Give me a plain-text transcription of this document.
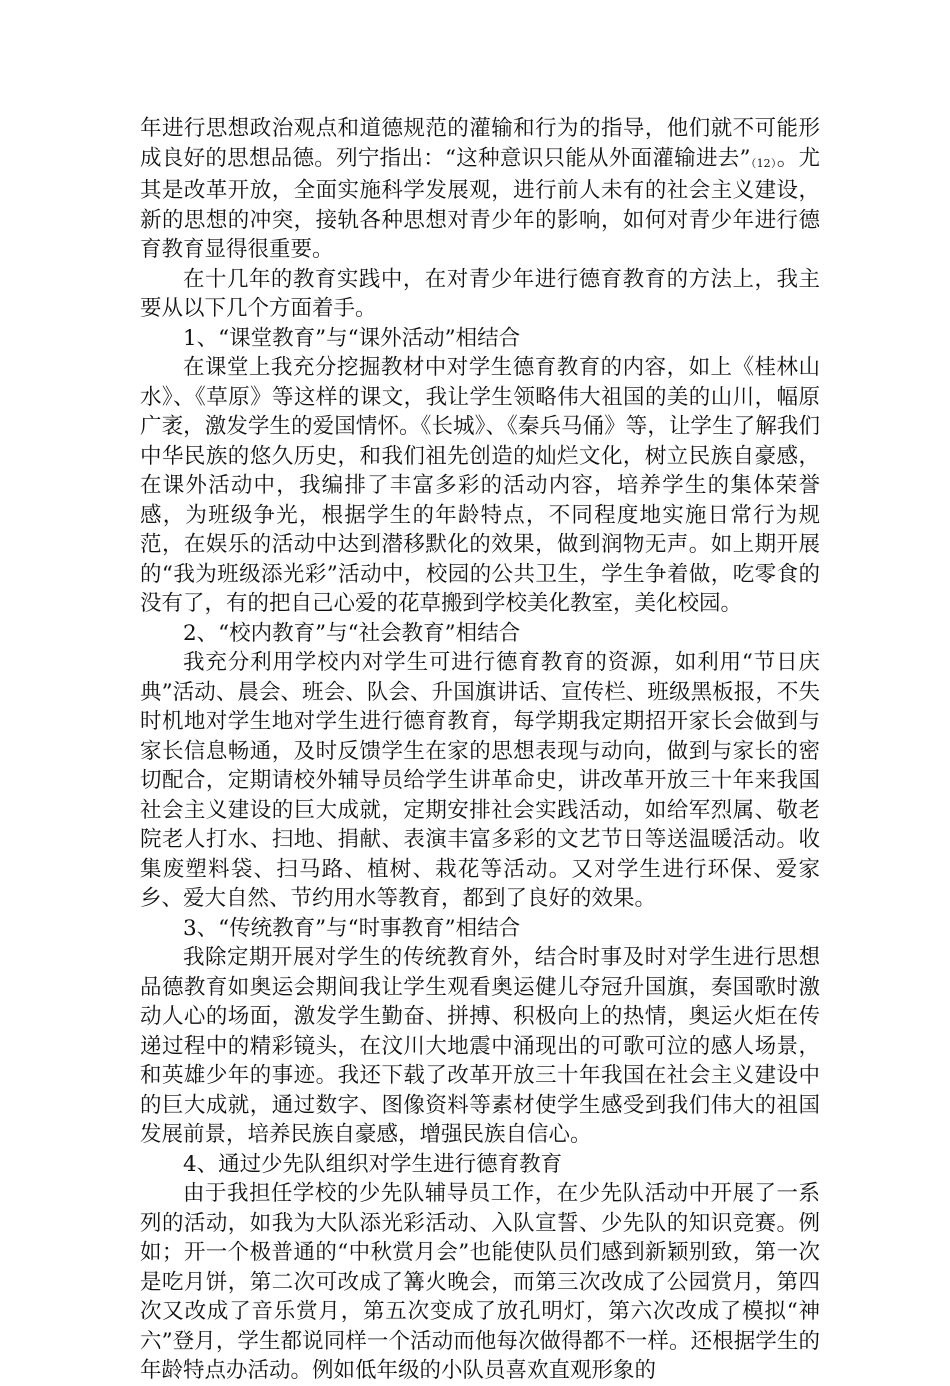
年进行思想政治观点和道德规范的灌输和行为的指导，他们就不可能形成良好的思想品德。列宁指出：“这种意识只能从外面灌输进去”（12）。尤其是改革开放，全面实施科学发展观，进行前人未有的社会主义建设，新的思想的冲突，接轨各种思想对青少年的影响，如何对青少年进行德育教育显得很重要。

在十几年的教育实践中，在对青少年进行德育教育的方法上，我主要从以下几个方面着手。

1、“课堂教育”与“课外活动”相结合

在课堂上我充分挖掘教材中对学生德育教育的内容，如上《桂林山水》、《草原》等这样的课文，我让学生领略伟大祖国的美的山川，幅原广袤，激发学生的爱国情怀。《长城》、《秦兵马俑》等，让学生了解我们中华民族的悠久历史，和我们祖先创造的灿烂文化，树立民族自豪感，在课外活动中，我编排了丰富多彩的活动内容，培养学生的集体荣誉感，为班级争光，根据学生的年龄特点，不同程度地实施日常行为规范，在娱乐的活动中达到潜移默化的效果，做到润物无声。如上期开展的“我为班级添光彩”活动中，校园的公共卫生，学生争着做，吃零食的没有了，有的把自己心爱的花草搬到学校美化教室，美化校园。

2、“校内教育”与“社会教育”相结合

我充分利用学校内对学生可进行德育教育的资源，如利用“节日庆典”活动、晨会、班会、队会、升国旗讲话、宣传栏、班级黑板报，不失时机地对学生地对学生进行德育教育，每学期我定期招开家长会做到与家长信息畅通，及时反馈学生在家的思想表现与动向，做到与家长的密切配合，定期请校外辅导员给学生讲革命史，讲改革开放三十年来我国社会主义建设的巨大成就，定期安排社会实践活动，如给军烈属、敬老院老人打水、扫地、捐献、表演丰富多彩的文艺节日等送温暖活动。收集废塑料袋、扫马路、植树、栽花等活动。又对学生进行环保、爱家乡、爱大自然、节约用水等教育，都到了良好的效果。

3、“传统教育”与“时事教育”相结合

我除定期开展对学生的传统教育外，结合时事及时对学生进行思想品德教育如奥运会期间我让学生观看奥运健儿夺冠升国旗，奏国歌时激动人心的场面，激发学生勤奋、拼搏、积极向上的热情，奥运火炬在传递过程中的精彩镜头，在汶川大地震中涌现出的可歌可泣的感人场景，和英雄少年的事迹。我还下载了改革开放三十年我国在社会主义建设中的巨大成就，通过数字、图像资料等素材使学生感受到我们伟大的祖国发展前景，培养民族自豪感，增强民族自信心。

4、通过少先队组织对学生进行德育教育

由于我担任学校的少先队辅导员工作，在少先队活动中开展了一系列的活动，如我为大队添光彩活动、入队宣誓、少先队的知识竞赛。例如；开一个极普通的“中秋赏月会”也能使队员们感到新颖别致，第一次是吃月饼，第二次可改成了篝火晚会，而第三次改成了公园赏月，第四次又改成了音乐赏月，第五次变成了放孔明灯，第六次改成了模拟“神六”登月，学生都说同样一个活动而他每次做得都不一样。还根据学生的年龄特点办活动。例如低年级的小队员喜欢直观形象的
